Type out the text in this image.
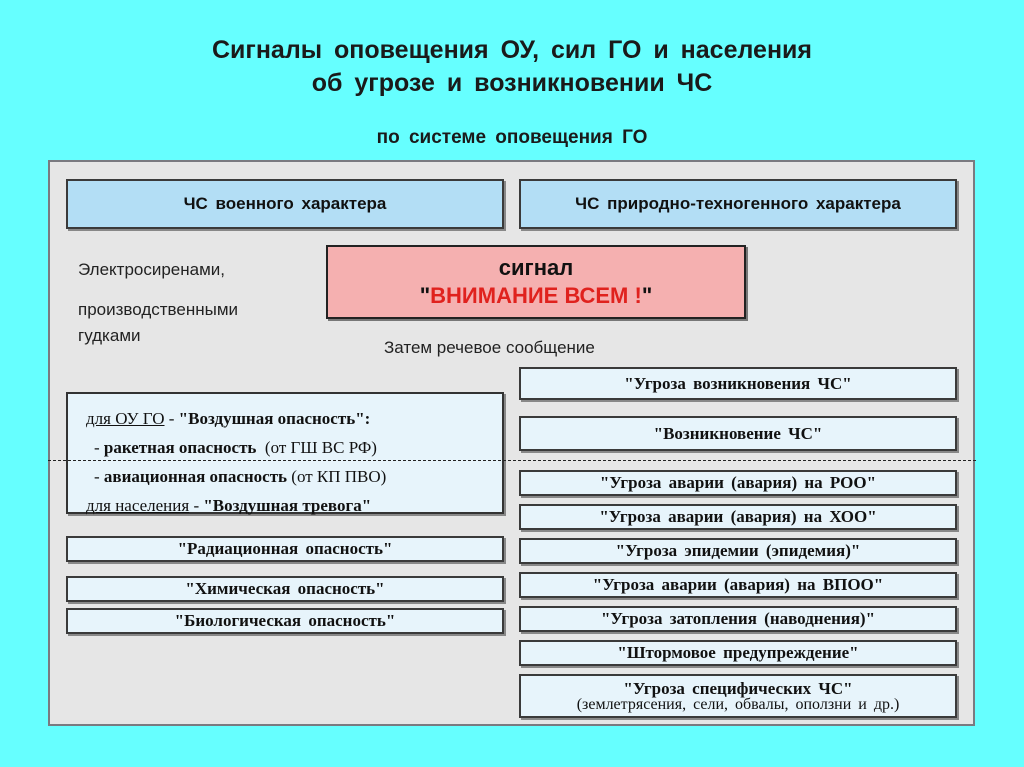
Сигналы оповещения ОУ, сил ГО и населения
об угрозе и возникновении ЧС
по системе оповещения ГО
ЧС военного характера	ЧС природно-техногенного характера
Электросиренами,
производственными
гудками
сигнал
"ВНИМАНИЕ ВСЕМ !"
Затем речевое сообщение
для ОУ ГО - "Воздушная опасность":
- ракетная опасность (от ГШ ВС РФ)
- авиационная опасность (от КП ПВО)
для населения - "Воздушная тревога"
"Радиационная опасность"
"Химическая опасность"
"Биологическая опасность"
"Угроза возникновения ЧС"
"Возникновение ЧС"
"Угроза аварии (авария) на РОО"
"Угроза аварии (авария) на ХОО"
"Угроза эпидемии (эпидемия)"
"Угроза аварии (авария) на ВПОО"
"Угроза затопления (наводнения)"
"Штормовое предупреждение"
"Угроза специфических ЧС"
(землетрясения, сели, обвалы, оползни и др.)
